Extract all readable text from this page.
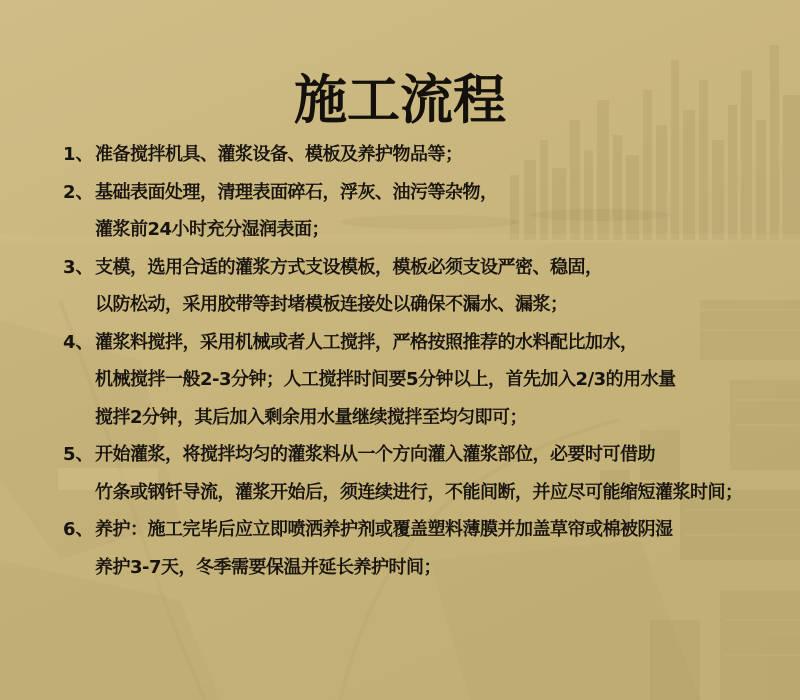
施工流程
1、 准备搅拌机具、灌浆设备、模板及养护物品等；

2、 基础表面处理，清理表面碎石，浮灰、油污等杂物，

灌浆前24小时充分湿润表面；

3、 支模，选用合适的灌浆方式支设模板，模板必须支设严密、稳固，

以防松动，采用胶带等封堵模板连接处以确保不漏水、漏浆；

4、 灌浆料搅拌，采用机械或者人工搅拌，严格按照推荐的水料配比加水，

机械搅拌一般2-3分钟；人工搅拌时间要5分钟以上，首先加入2/3的用水量

搅拌2分钟，其后加入剩余用水量继续搅拌至均匀即可；

5、 开始灌浆，将搅拌均匀的灌浆料从一个方向灌入灌浆部位，必要时可借助

竹条或钢钎导流，灌浆开始后，须连续进行，不能间断，并应尽可能缩短灌浆时间；

6、 养护：施工完毕后应立即喷洒养护剂或覆盖塑料薄膜并加盖草帘或棉被阴湿

养护3-7天，冬季需要保温并延长养护时间；
